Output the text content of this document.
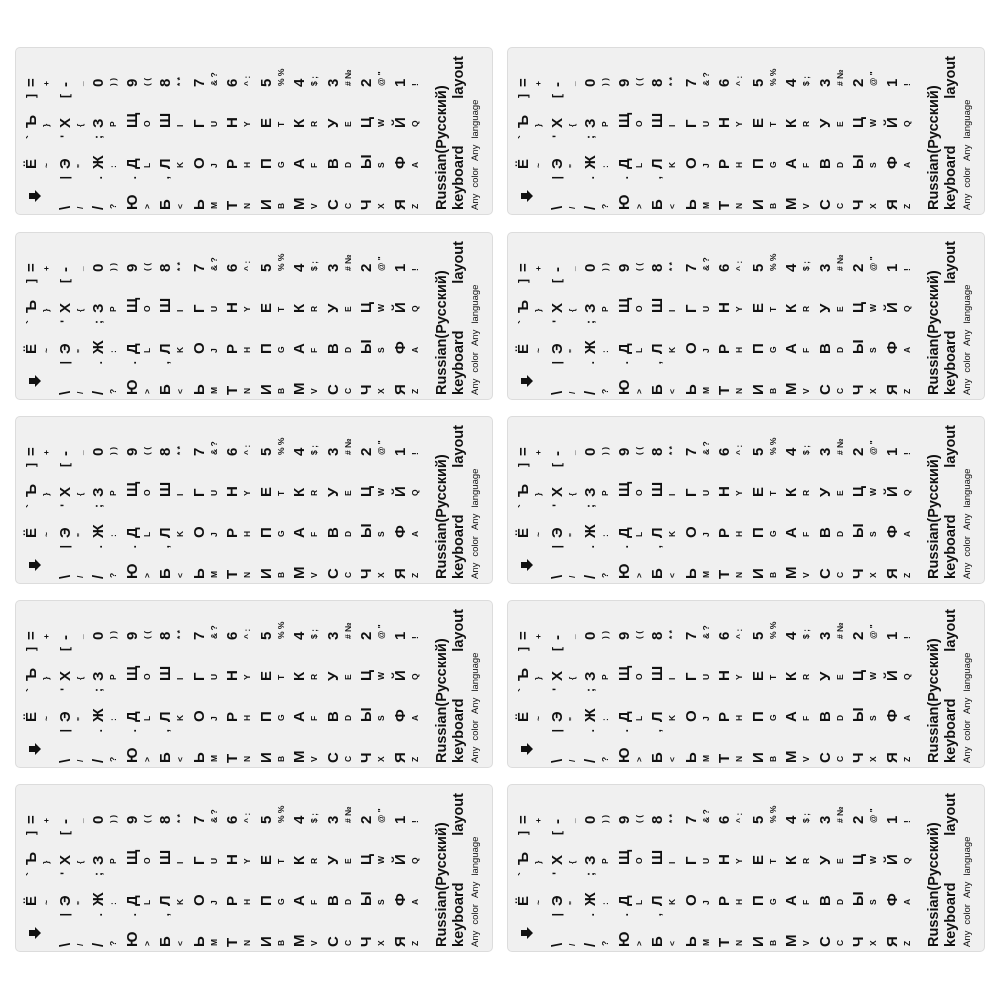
Russian(Русский) keyboard
layout
AnycolorAnylanguage
Я Z
Ч X
С C
М V
И B
Т N
Ь M
Б <
,
Ю >
.
/ ?
.
\ /
|
Ф A
Ы S
В D
А F
П G
Р H
О J
Л K
Д L
Ж :
;
Э "
'
Ё ~
`
Й Q
Ц W
У E
К R
Е T
Н Y
Г U
Ш I
Щ O
З P
Х {
[
Ъ }
]
1 !
2 @ "
3 # №
4 $ ;
5 % %
6 ^ :
7 & ?
8 * *
9 ( (
0 ) )
- _
= +
Russian(Русский) keyboard
layout
AnycolorAnylanguage
Я Z
Ч X
С C
М V
И B
Т N
Ь M
Б <
,
Ю >
.
/ ?
.
\ /
|
Ф A
Ы S
В D
А F
П G
Р H
О J
Л K
Д L
Ж :
;
Э "
'
Ё ~
`
Й Q
Ц W
У E
К R
Е T
Н Y
Г U
Ш I
Щ O
З P
Х {
[
Ъ }
]
1 !
2 @ "
3 # №
4 $ ;
5 % %
6 ^ :
7 & ?
8 * *
9 ( (
0 ) )
- _
= +
Russian(Русский) keyboard
layout
AnycolorAnylanguage
Я Z
Ч X
С C
М V
И B
Т N
Ь M
Б <
,
Ю >
.
/ ?
.
\ /
|
Ф A
Ы S
В D
А F
П G
Р H
О J
Л K
Д L
Ж :
;
Э "
'
Ё ~
`
Й Q
Ц W
У E
К R
Е T
Н Y
Г U
Ш I
Щ O
З P
Х {
[
Ъ }
]
1 !
2 @ "
3 # №
4 $ ;
5 % %
6 ^ :
7 & ?
8 * *
9 ( (
0 ) )
- _
= +
Russian(Русский) keyboard
layout
AnycolorAnylanguage
Я Z
Ч X
С C
М V
И B
Т N
Ь M
Б <
,
Ю >
.
/ ?
.
\ /
|
Ф A
Ы S
В D
А F
П G
Р H
О J
Л K
Д L
Ж :
;
Э "
'
Ё ~
`
Й Q
Ц W
У E
К R
Е T
Н Y
Г U
Ш I
Щ O
З P
Х {
[
Ъ }
]
1 !
2 @ "
3 # №
4 $ ;
5 % %
6 ^ :
7 & ?
8 * *
9 ( (
0 ) )
- _
= +
Russian(Русский) keyboard
layout
AnycolorAnylanguage
Я Z
Ч X
С C
М V
И B
Т N
Ь M
Б <
,
Ю >
.
/ ?
.
\ /
|
Ф A
Ы S
В D
А F
П G
Р H
О J
Л K
Д L
Ж :
;
Э "
'
Ё ~
`
Й Q
Ц W
У E
К R
Е T
Н Y
Г U
Ш I
Щ O
З P
Х {
[
Ъ }
]
1 !
2 @ "
3 # №
4 $ ;
5 % %
6 ^ :
7 & ?
8 * *
9 ( (
0 ) )
- _
= +
Russian(Русский) keyboard
layout
AnycolorAnylanguage
Я Z
Ч X
С C
М V
И B
Т N
Ь M
Б <
,
Ю >
.
/ ?
.
\ /
|
Ф A
Ы S
В D
А F
П G
Р H
О J
Л K
Д L
Ж :
;
Э "
'
Ё ~
`
Й Q
Ц W
У E
К R
Е T
Н Y
Г U
Ш I
Щ O
З P
Х {
[
Ъ }
]
1 !
2 @ "
3 # №
4 $ ;
5 % %
6 ^ :
7 & ?
8 * *
9 ( (
0 ) )
- _
= +
Russian(Русский) keyboard
layout
AnycolorAnylanguage
Я Z
Ч X
С C
М V
И B
Т N
Ь M
Б <
,
Ю >
.
/ ?
.
\ /
|
Ф A
Ы S
В D
А F
П G
Р H
О J
Л K
Д L
Ж :
;
Э "
'
Ё ~
`
Й Q
Ц W
У E
К R
Е T
Н Y
Г U
Ш I
Щ O
З P
Х {
[
Ъ }
]
1 !
2 @ "
3 # №
4 $ ;
5 % %
6 ^ :
7 & ?
8 * *
9 ( (
0 ) )
- _
= +
Russian(Русский) keyboard
layout
AnycolorAnylanguage
Я Z
Ч X
С C
М V
И B
Т N
Ь M
Б <
,
Ю >
.
/ ?
.
\ /
|
Ф A
Ы S
В D
А F
П G
Р H
О J
Л K
Д L
Ж :
;
Э "
'
Ё ~
`
Й Q
Ц W
У E
К R
Е T
Н Y
Г U
Ш I
Щ O
З P
Х {
[
Ъ }
]
1 !
2 @ "
3 # №
4 $ ;
5 % %
6 ^ :
7 & ?
8 * *
9 ( (
0 ) )
- _
= +
Russian(Русский) keyboard
layout
AnycolorAnylanguage
Я Z
Ч X
С C
М V
И B
Т N
Ь M
Б <
,
Ю >
.
/ ?
.
\ /
|
Ф A
Ы S
В D
А F
П G
Р H
О J
Л K
Д L
Ж :
;
Э "
'
Ё ~
`
Й Q
Ц W
У E
К R
Е T
Н Y
Г U
Ш I
Щ O
З P
Х {
[
Ъ }
]
1 !
2 @ "
3 # №
4 $ ;
5 % %
6 ^ :
7 & ?
8 * *
9 ( (
0 ) )
- _
= +
Russian(Русский) keyboard
layout
AnycolorAnylanguage
Я Z
Ч X
С C
М V
И B
Т N
Ь M
Б <
,
Ю >
.
/ ?
.
\ /
|
Ф A
Ы S
В D
А F
П G
Р H
О J
Л K
Д L
Ж :
;
Э "
'
Ё ~
`
Й Q
Ц W
У E
К R
Е T
Н Y
Г U
Ш I
Щ O
З P
Х {
[
Ъ }
]
1 !
2 @ "
3 # №
4 $ ;
5 % %
6 ^ :
7 & ?
8 * *
9 ( (
0 ) )
- _
= +
